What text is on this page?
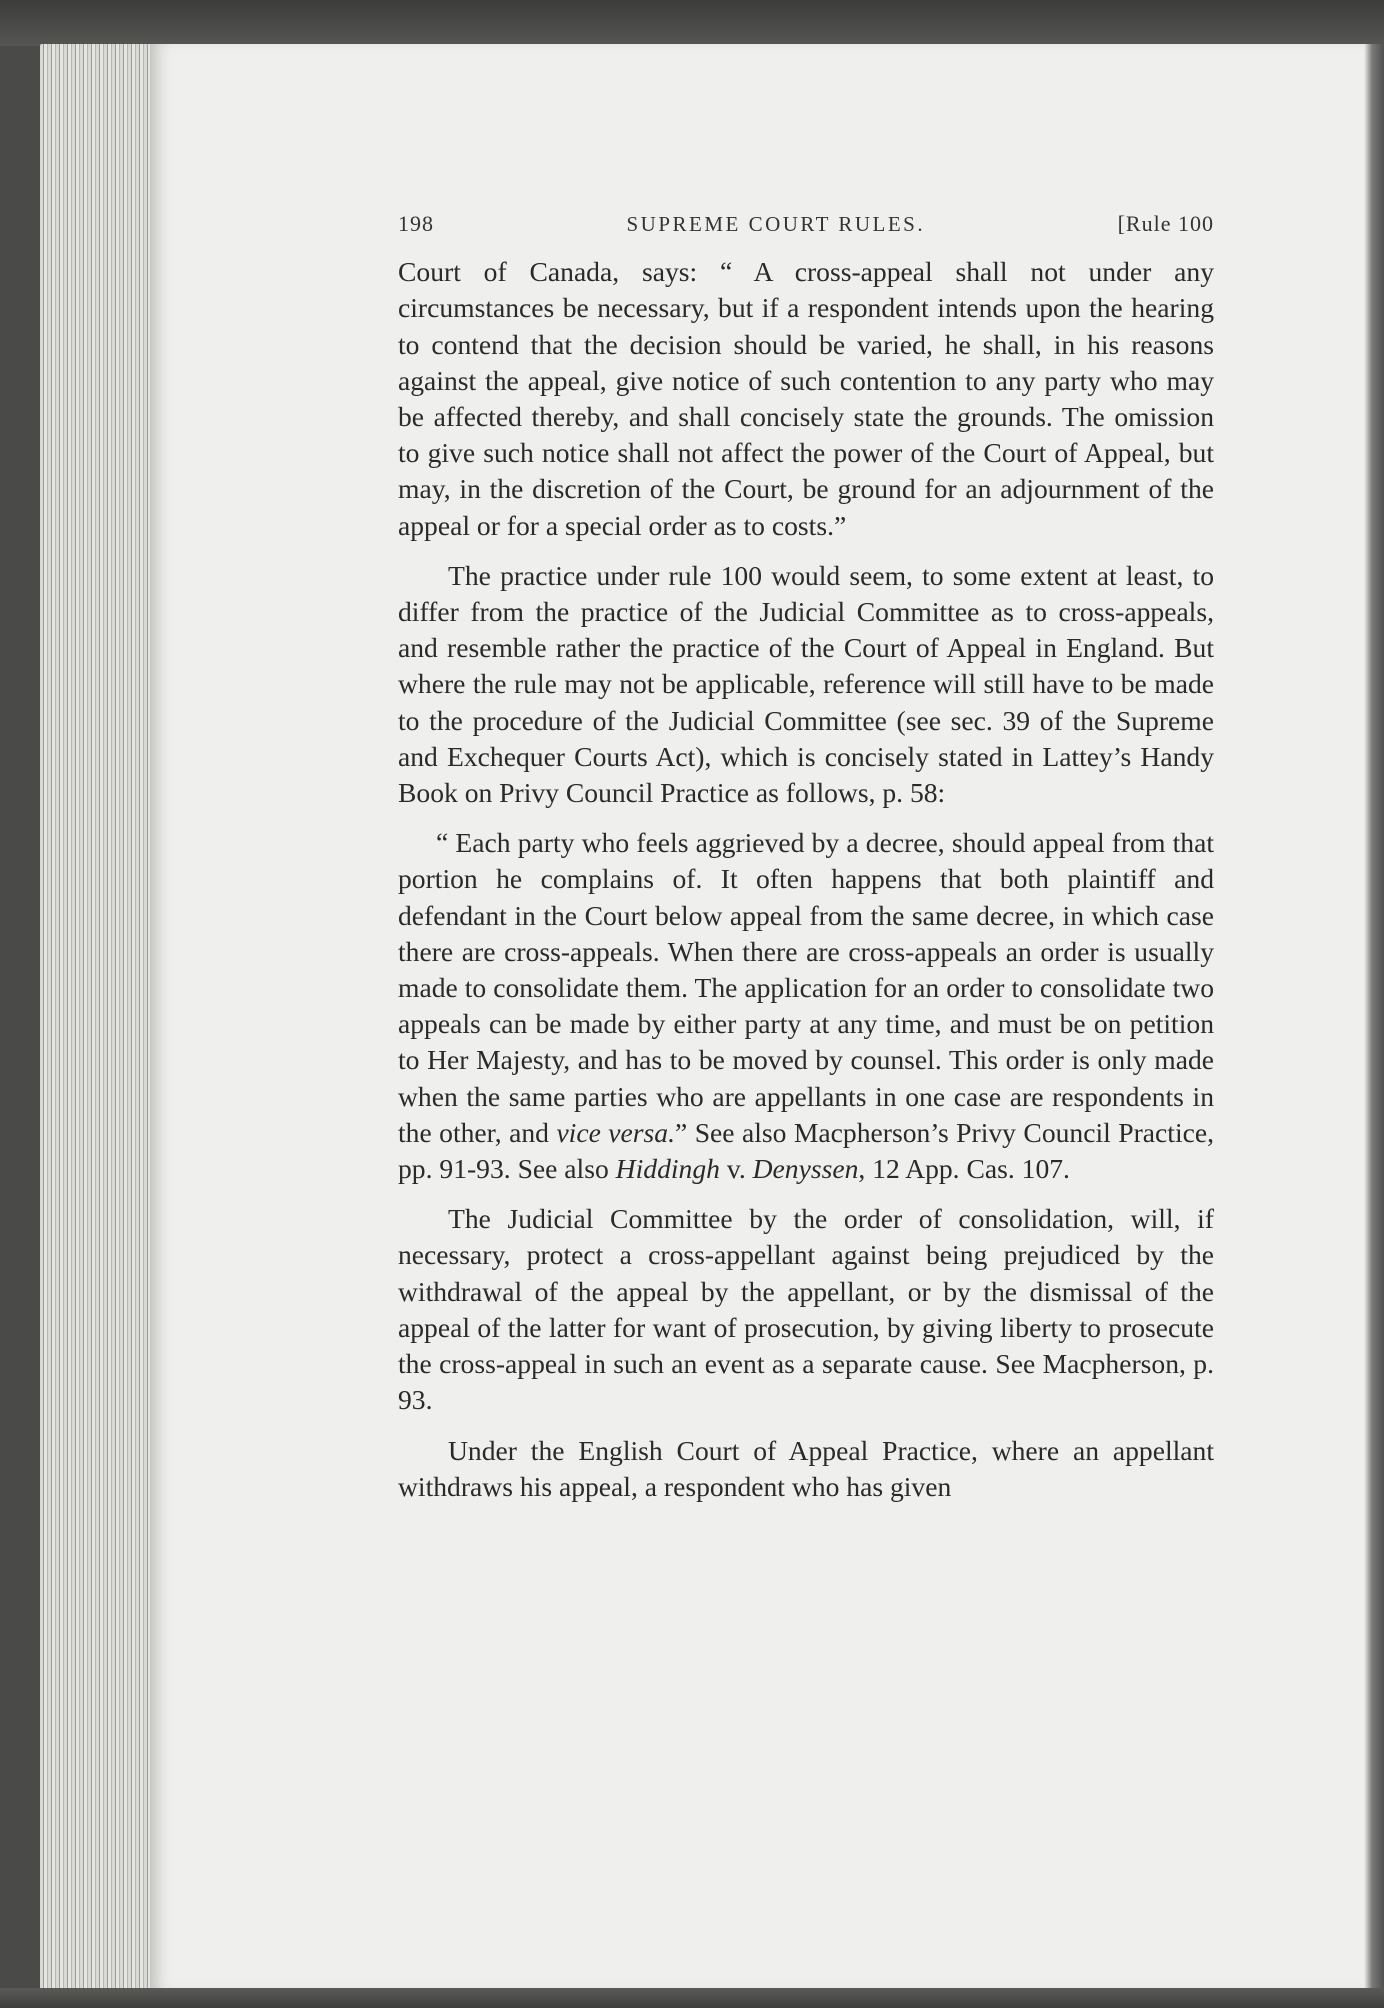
198	SUPREME COURT RULES.	[Rule 100

Court of Canada, says: “ A cross-appeal shall not under any circumstances be necessary, but if a respondent intends upon the hearing to contend that the decision should be varied, he shall, in his reasons against the appeal, give notice of such contention to any party who may be affected thereby, and shall concisely state the grounds. The omission to give such notice shall not affect the power of the Court of Appeal, but may, in the discretion of the Court, be ground for an adjournment of the appeal or for a special order as to costs.”

The practice under rule 100 would seem, to some extent at least, to differ from the practice of the Judicial Committee as to cross-appeals, and resemble rather the practice of the Court of Appeal in England. But where the rule may not be applicable, reference will still have to be made to the procedure of the Judicial Committee (see sec. 39 of the Supreme and Exchequer Courts Act), which is concisely stated in Lattey’s Handy Book on Privy Council Practice as follows, p. 58:

“ Each party who feels aggrieved by a decree, should appeal from that portion he complains of. It often happens that both plaintiff and defendant in the Court below appeal from the same decree, in which case there are cross-appeals. When there are cross-appeals an order is usually made to consolidate them. The application for an order to consolidate two appeals can be made by either party at any time, and must be on petition to Her Majesty, and has to be moved by counsel. This order is only made when the same parties who are appellants in one case are respondents in the other, and vice versa.” See also Macpherson’s Privy Council Practice, pp. 91-93. See also Hiddingh v. Denyssen, 12 App. Cas. 107.

The Judicial Committee by the order of consolidation, will, if necessary, protect a cross-appellant against being prejudiced by the withdrawal of the appeal by the appellant, or by the dismissal of the appeal of the latter for want of prosecution, by giving liberty to prosecute the cross-appeal in such an event as a separate cause. See Macpherson, p. 93.

Under the English Court of Appeal Practice, where an appellant withdraws his appeal, a respondent who has given
